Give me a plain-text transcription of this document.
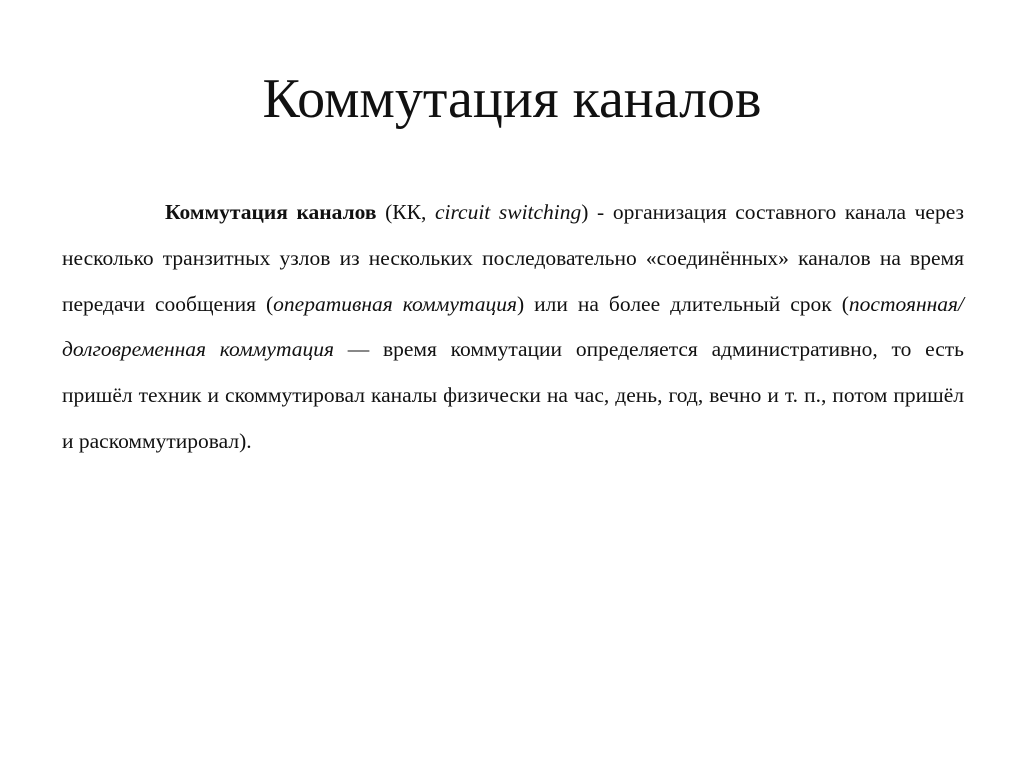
Коммутация каналов

Коммутация каналов (КК, circuit switching) - организация составного канала через несколько транзитных узлов из нескольких последовательно «соединённых» каналов на время передачи сообщения (оперативная коммутация) или на более длительный срок (постоянная/долговременная коммутация — время коммутации определяется административно, то есть пришёл техник и скоммутировал каналы физически на час, день, год, вечно и т. п., потом пришёл и раскоммутировал).
